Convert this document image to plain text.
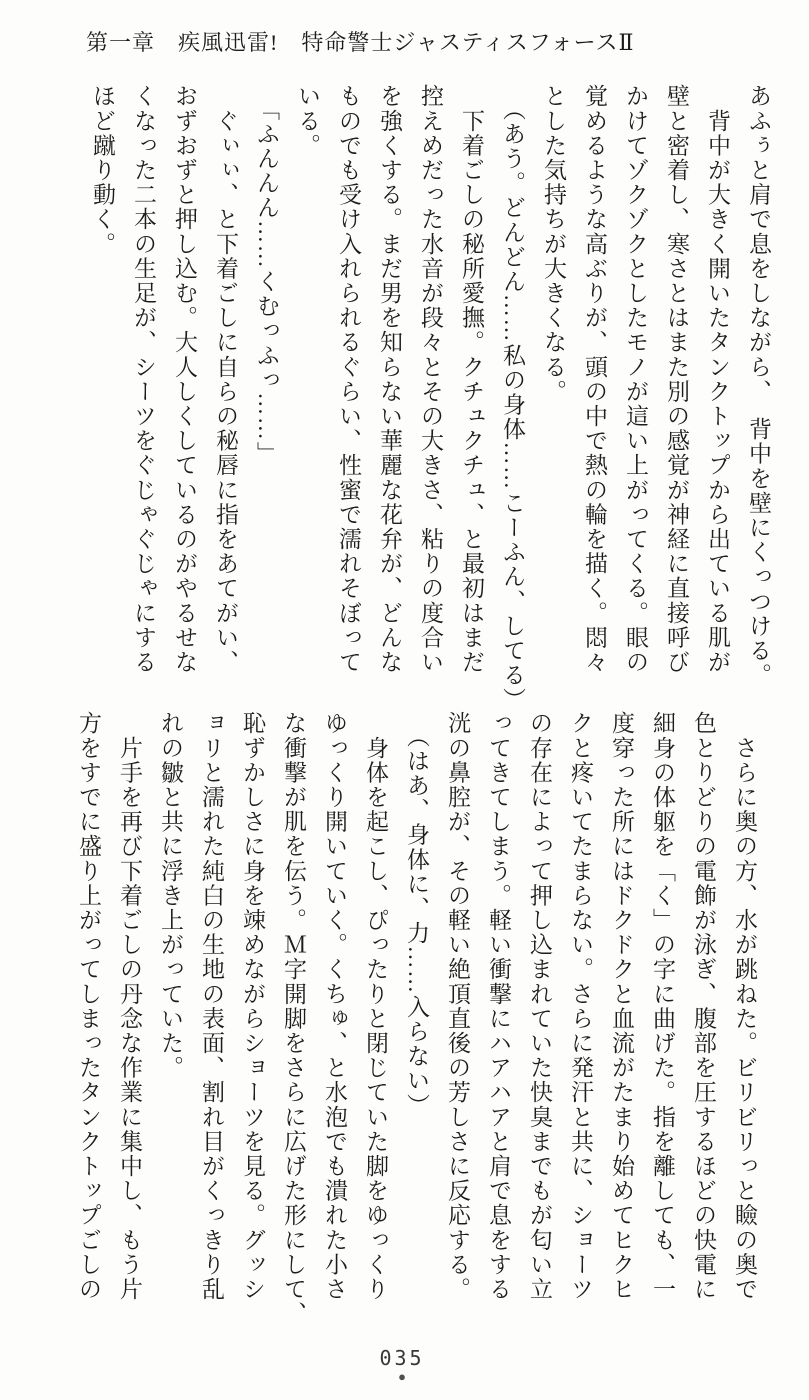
第一章　疾風迅雷!　特命警士ジャスティスフォースⅡ

あふぅと肩で息をしながら、　背中を壁にくっつける。

　背中が大きく開いたタンクトップから出ている肌が

壁と密着し、寒さとはまた別の感覚が神経に直接呼び

かけてゾクゾクとしたモノが這い上がってくる。眼の

覚めるような高ぶりが、頭の中で熱の輪を描く。悶々

とした気持ちが大きくなる。

　（あう。どんどん……私の身体……こーふん、してる）

　下着ごしの秘所愛撫。クチュクチュ、と最初はまだ

控えめだった水音が段々とその大きさ、粘りの度合い

を強くする。まだ男を知らない華麗な花弁が、どんな

ものでも受け入れられるぐらい、性蜜で濡れそぼって

いる。

　「ふんんん……くむっふっ……」

　ぐぃぃ、と下着ごしに自らの秘唇に指をあてがい、

おずおずと押し込む。大人しくしているのがやるせな

くなった二本の生足が、シーツをぐじゃぐじゃにする

ほど蹴り動く。

　さらに奥の方、水が跳ねた。ビリビリっと瞼の奥で

色とりどりの電飾が泳ぎ、腹部を圧するほどの快電に

細身の体躯を「く」の字に曲げた。指を離しても、一

度穿った所にはドクドクと血流がたまり始めてヒクヒ

クと疼いてたまらない。さらに発汗と共に、ショーツ

の存在によって押し込まれていた快臭までもが匂い立

ってきてしまう。軽い衝撃にハアハアと肩で息をする

洸の鼻腔が、その軽い絶頂直後の芳しさに反応する。

　（はあ、身体に、力……入らない）

　身体を起こし、ぴったりと閉じていた脚をゆっくり

ゆっくり開いていく。くちゅ、と水泡でも潰れた小さ

な衝撃が肌を伝う。Ｍ字開脚をさらに広げた形にして、

恥ずかしさに身を竦めながらショーツを見る。グッシ

ョリと濡れた純白の生地の表面、割れ目がくっきり乱

れの皺と共に浮き上がっていた。

　片手を再び下着ごしの丹念な作業に集中し、もう片

方をすでに盛り上がってしまったタンクトップごしの

035
●
